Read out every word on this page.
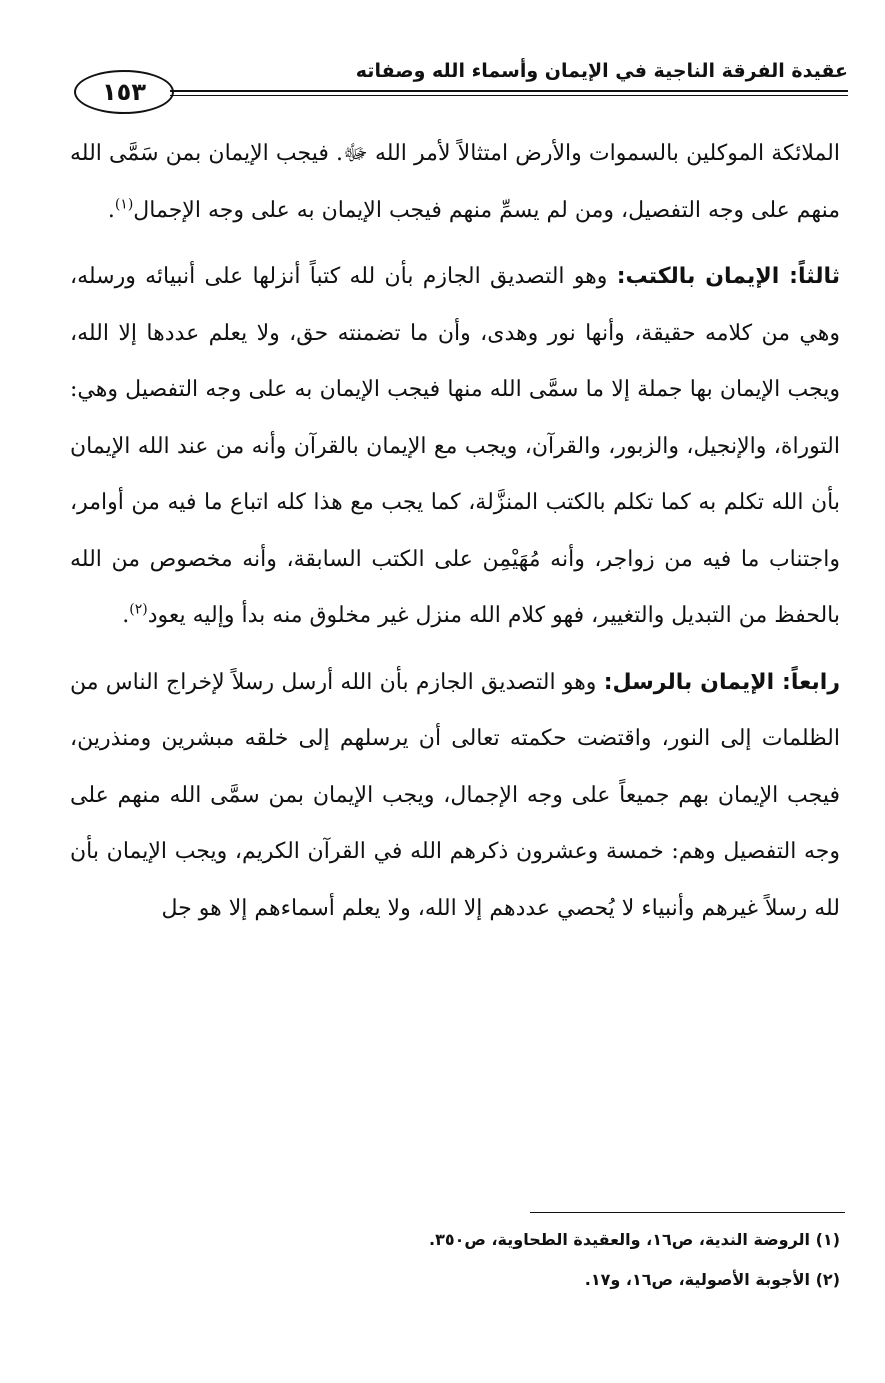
١٥٣
عقيدة الفرقة الناجية في الإيمان وأسماء الله وصفاته

الملائكة الموكلين بالسموات والأرض امتثالاً لأمر الله ﷻ. فيجب الإيمان بمن سَمَّى الله منهم على وجه التفصيل، ومن لم يسمِّ منهم فيجب الإيمان به على وجه الإجمال$^{(١)}$.

ثالثاً: الإيمان بالكتب: وهو التصديق الجازم بأن لله كتباً أنزلها على أنبيائه ورسله، وهي من كلامه حقيقة، وأنها نور وهدى، وأن ما تضمنته حق، ولا يعلم عددها إلا الله، ويجب الإيمان بها جملة إلا ما سمَّى الله منها فيجب الإيمان به على وجه التفصيل وهي: التوراة، والإنجيل، والزبور، والقرآن، ويجب مع الإيمان بالقرآن وأنه من عند الله الإيمان بأن الله تكلم به كما تكلم بالكتب المنزَّلة، كما يجب مع هذا كله اتباع ما فيه من أوامر، واجتناب ما فيه من زواجر، وأنه مُهَيْمِن على الكتب السابقة، وأنه مخصوص من الله بالحفظ من التبديل والتغيير، فهو كلام الله منزل غير مخلوق منه بدأ وإليه يعود$^{(٢)}$.

رابعاً: الإيمان بالرسل: وهو التصديق الجازم بأن الله أرسل رسلاً لإخراج الناس من الظلمات إلى النور، واقتضت حكمته تعالى أن يرسلهم إلى خلقه مبشرين ومنذرين، فيجب الإيمان بهم جميعاً على وجه الإجمال، ويجب الإيمان بمن سمَّى الله منهم على وجه التفصيل وهم: خمسة وعشرون ذكرهم الله في القرآن الكريم، ويجب الإيمان بأن لله رسلاً غيرهم وأنبياء لا يُحصي عددهم إلا الله، ولا يعلم أسماءهم إلا هو جل

(١) الروضة الندية، ص١٦، والعقيدة الطحاوية، ص٣٥٠.

(٢) الأجوبة الأصولية، ص١٦، و١٧.
